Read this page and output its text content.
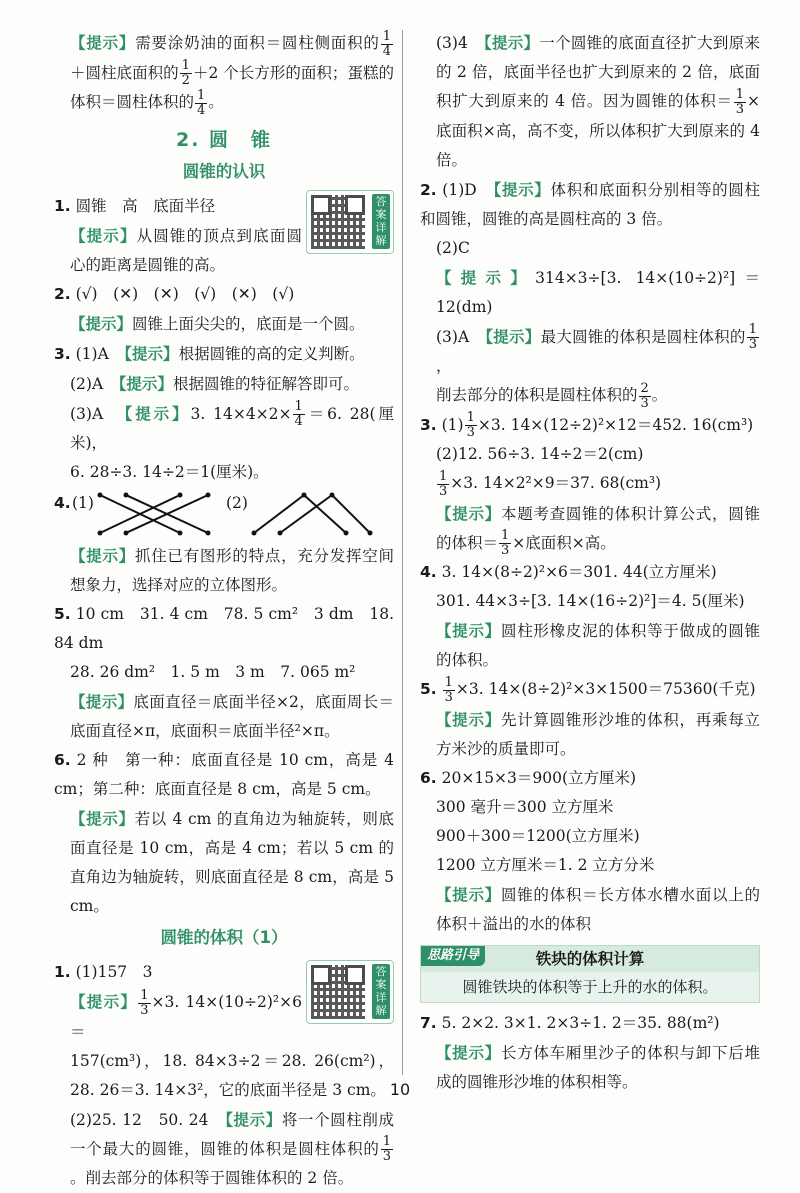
【提示】需要涂奶油的面积＝圆柱侧面积的 $\frac{1}{4}$
＋圆柱底面积的 $\frac{1}{2} +2$ 个长方形的面积；蛋糕的体积＝圆柱体积的 $\frac{1}{4}$ 。

2. 圆　锥
圆锥的认识
答案详解

1. 圆锥　高　底面半径

【提示】从圆锥的顶点到底面圆心的距离是圆锥的高。

2. (√)　(✕)　(✕)　(√)　(✕)　(√)

【提示】圆锥上面尖尖的，底面是一个圆。

3. (1)A　 【提示】根据圆锥的高的定义判断。

(2)A　 【提示】根据圆锥的特征解答即可。

(3)A　 【提示】3. $14\times 4\times 2\times \frac{1}{4} =6$. 28(厘米)，

6. 28÷3. 14÷2＝1(厘米)。

4. (1)	(2)

【提示】抓住已有图形的特点，充分发挥空间想象力，选择对应的立体图形。

5. 10 cm　31. 4 cm　78. 5 cm²　3 dm　18. 84 dm

28. 26 dm²　1. 5 m　3 m　7. 065 m²

【提示】底面直径＝底面半径×2，底面周长＝底面直径×π，底面积＝底面半径²×π。

6. 2 种　第一种：底面直径是 10 cm，高是 4 cm；第二种：底面直径是 8 cm，高是 5 cm。

【提示】若以 4 cm 的直角边为轴旋转，则底面直径是 10 cm，高是 4 cm；若以 5 cm 的直角边为轴旋转，则底面直径是 8 cm，高是 5 cm。

圆锥的体积（1）
答案详解

1. (1)157　3

【提示】 $\frac{1}{3} \times 3$. 14×(10÷2)²×6＝

157(cm³)，18. 84×3÷2＝28. 26(cm²)，28. 26＝3. 14×3²，它的底面半径是 3 cm。

(2)25. 12　50. 24　 【提示】将一个圆柱削成一个最大的圆锥，圆锥的体积是圆柱体积的 $\frac{1}{3}$
。削去部分的体积等于圆锥体积的 2 倍。

(3)4　 【提示】一个圆锥的底面直径扩大到原来的 2 倍，底面半径也扩大到原来的 2 倍，底面积扩大到原来的 4 倍。因为圆锥的体积＝ $\frac{1}{3}$ ×底面积×高，高不变，所以体积扩大到原来的 4 倍。

2. (1)D　 【提示】体积和底面积分别相等的圆柱和圆锥，圆锥的高是圆柱高的 3 倍。

(2)C

【提示】314×3÷[3. 14×(10÷2)²]＝12(dm)

(3)A　 【提示】最大圆锥的体积是圆柱体积的 $\frac{1}{3}$
，

削去部分的体积是圆柱体积的 $\frac{2}{3}$ 。

3. $(1) \frac{1}{3} \times 3$. 14×(12÷2)²×12＝452. 16(cm³)

(2)12. 56÷3. 14÷2＝2(cm)

$\frac{1}{3} \times 3$. 14×2²×9＝37. 68(cm³)

【提示】本题考查圆锥的体积计算公式，圆锥的体积＝ $\frac{1}{3}$ ×底面积×高。

4. 3. 14×(8÷2)²×6＝301. 44(立方厘米)

301. 44×3÷[3. 14×(16÷2)²]＝4. 5(厘米)

【提示】圆柱形橡皮泥的体积等于做成的圆锥的体积。

5. $\frac{1}{3} \times 3$. 14×(8÷2)²×3×1500＝75360(千克)

【提示】先计算圆锥形沙堆的体积，再乘每立方米沙的质量即可。

6. 20×15×3＝900(立方厘米)

300 毫升＝300 立方厘米

900＋300＝1200(立方厘米)

1200 立方厘米＝1. 2 立方分米

【提示】圆锥的体积＝长方体水槽水面以上的体积＋溢出的水的体积

思路引导	铁块的体积计算
圆锥铁块的体积等于上升的水的体积。

7. 5. 2×2. 3×1. 2×3÷1. 2＝35. 88(m²)

【提示】长方体车厢里沙子的体积与卸下后堆成的圆锥形沙堆的体积相等。

10
